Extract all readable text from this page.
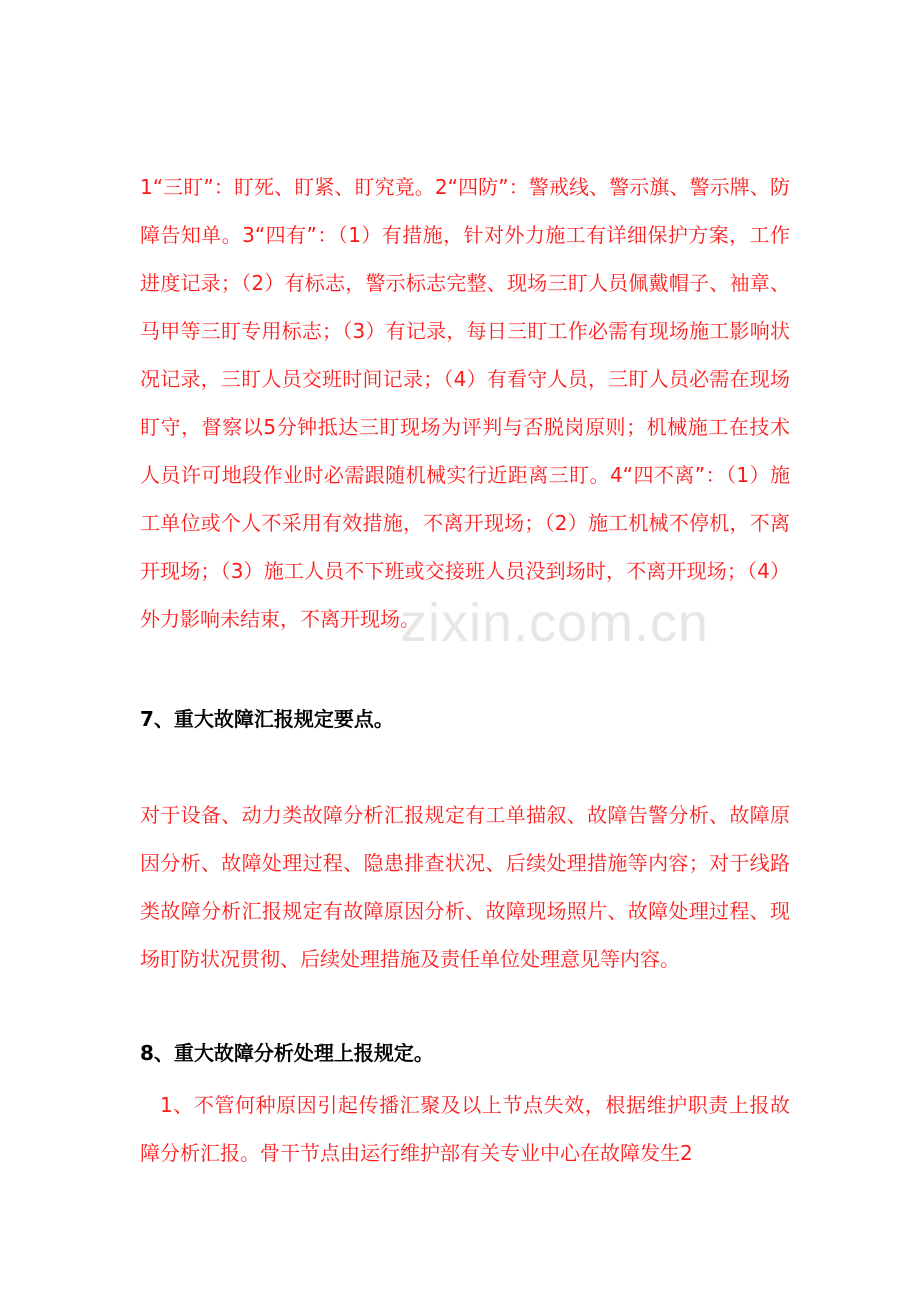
zixin.com.cn
1“三盯”：盯死、盯紧、盯究竟。2“四防”：警戒线、警示旗、警示牌、防障告知单。3“四有”：（1）有措施，针对外力施工有详细保护方案，工作进度记录；（2）有标志，警示标志完整、现场三盯人员佩戴帽子、袖章、马甲等三盯专用标志；（3）有记录，每日三盯工作必需有现场施工影响状况记录，三盯人员交班时间记录；（4）有看守人员，三盯人员必需在现场盯守，督察以5分钟抵达三盯现场为评判与否脱岗原则；机械施工在技术人员许可地段作业时必需跟随机械实行近距离三盯。4“四不离”：（1）施工单位或个人不采用有效措施，不离开现场；（2）施工机械不停机，不离开现场；（3）施工人员不下班或交接班人员没到场时，不离开现场；（4）外力影响未结束，不离开现场。
7、重大故障汇报规定要点。
对于设备、动力类故障分析汇报规定有工单描叙、故障告警分析、故障原因分析、故障处理过程、隐患排查状况、后续处理措施等内容；对于线路类故障分析汇报规定有故障原因分析、故障现场照片、故障处理过程、现场盯防状况贯彻、后续处理措施及责任单位处理意见等内容。
8、重大故障分析处理上报规定。
1、不管何种原因引起传播汇聚及以上节点失效，根据维护职责上报故障分析汇报。骨干节点由运行维护部有关专业中心在故障发生2
